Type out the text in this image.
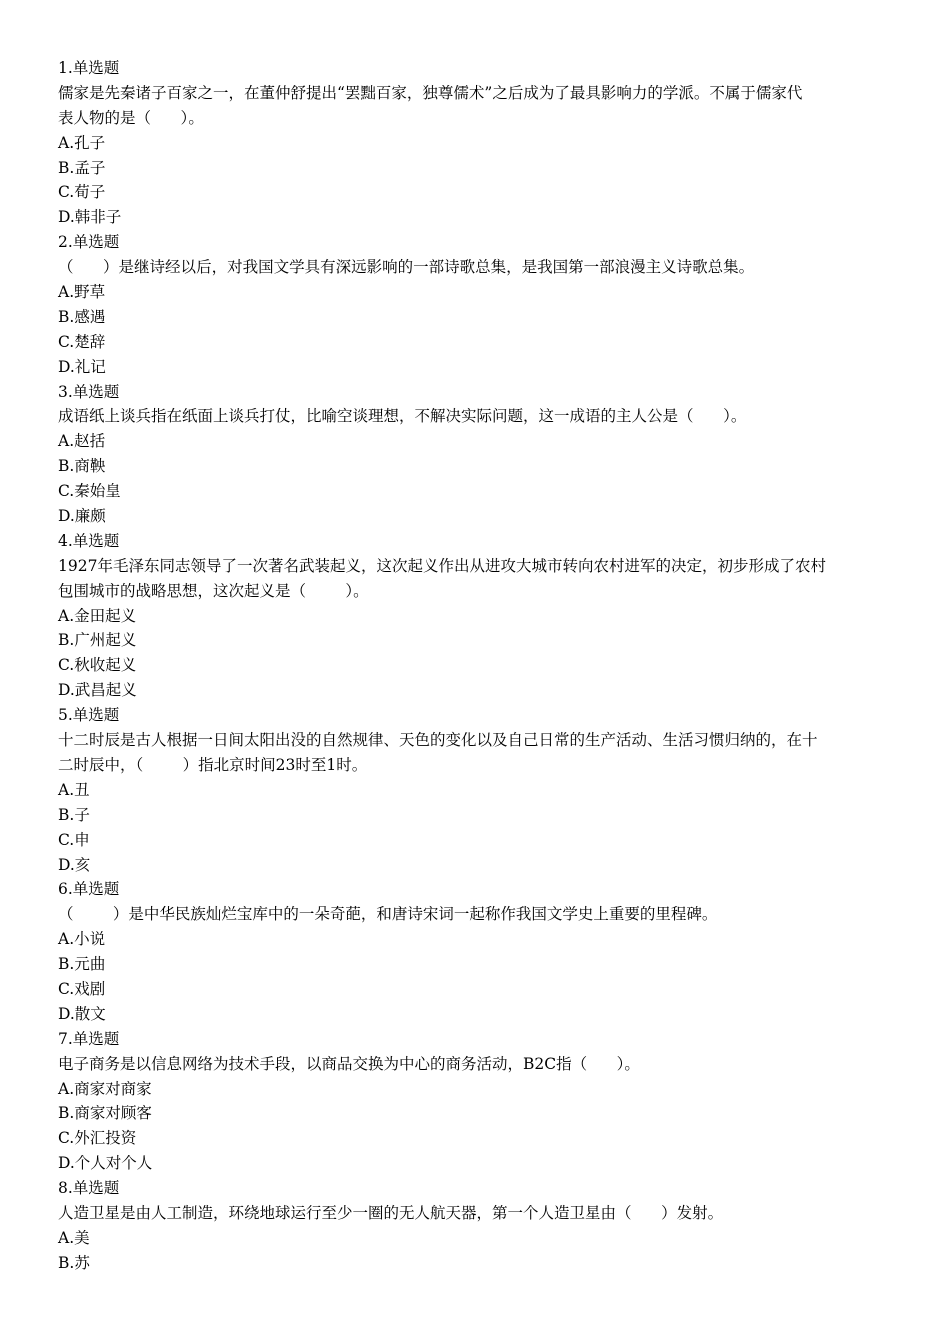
1.单选题
儒家是先秦诸子百家之一，在董仲舒提出“罢黜百家，独尊儒术”之后成为了最具影响力的学派。不属于儒家代
表人物的是（      ）。
A.孔子
B.孟子
C.荀子
D.韩非子
2.单选题
（      ）是继诗经以后，对我国文学具有深远影响的一部诗歌总集，是我国第一部浪漫主义诗歌总集。
A.野草
B.感遇
C.楚辞
D.礼记
3.单选题
成语纸上谈兵指在纸面上谈兵打仗，比喻空谈理想，不解决实际问题，这一成语的主人公是（      ）。
A.赵括
B.商鞅
C.秦始皇
D.廉颇
4.单选题
1927年毛泽东同志领导了一次著名武装起义，这次起义作出从进攻大城市转向农村进军的决定，初步形成了农村
包围城市的战略思想，这次起义是（        ）。
A.金田起义
B.广州起义
C.秋收起义
D.武昌起义
5.单选题
十二时辰是古人根据一日间太阳出没的自然规律、天色的变化以及自己日常的生产活动、生活习惯归纳的，在十
二时辰中，（        ）指北京时间23时至1时。
A.丑
B.子
C.申
D.亥
6.单选题
（        ）是中华民族灿烂宝库中的一朵奇葩，和唐诗宋词一起称作我国文学史上重要的里程碑。
A.小说
B.元曲
C.戏剧
D.散文
7.单选题
电子商务是以信息网络为技术手段，以商品交换为中心的商务活动，B2C指（      ）。
A.商家对商家
B.商家对顾客
C.外汇投资
D.个人对个人
8.单选题
人造卫星是由人工制造，环绕地球运行至少一圈的无人航天器，第一个人造卫星由（      ）发射。
A.美
B.苏
